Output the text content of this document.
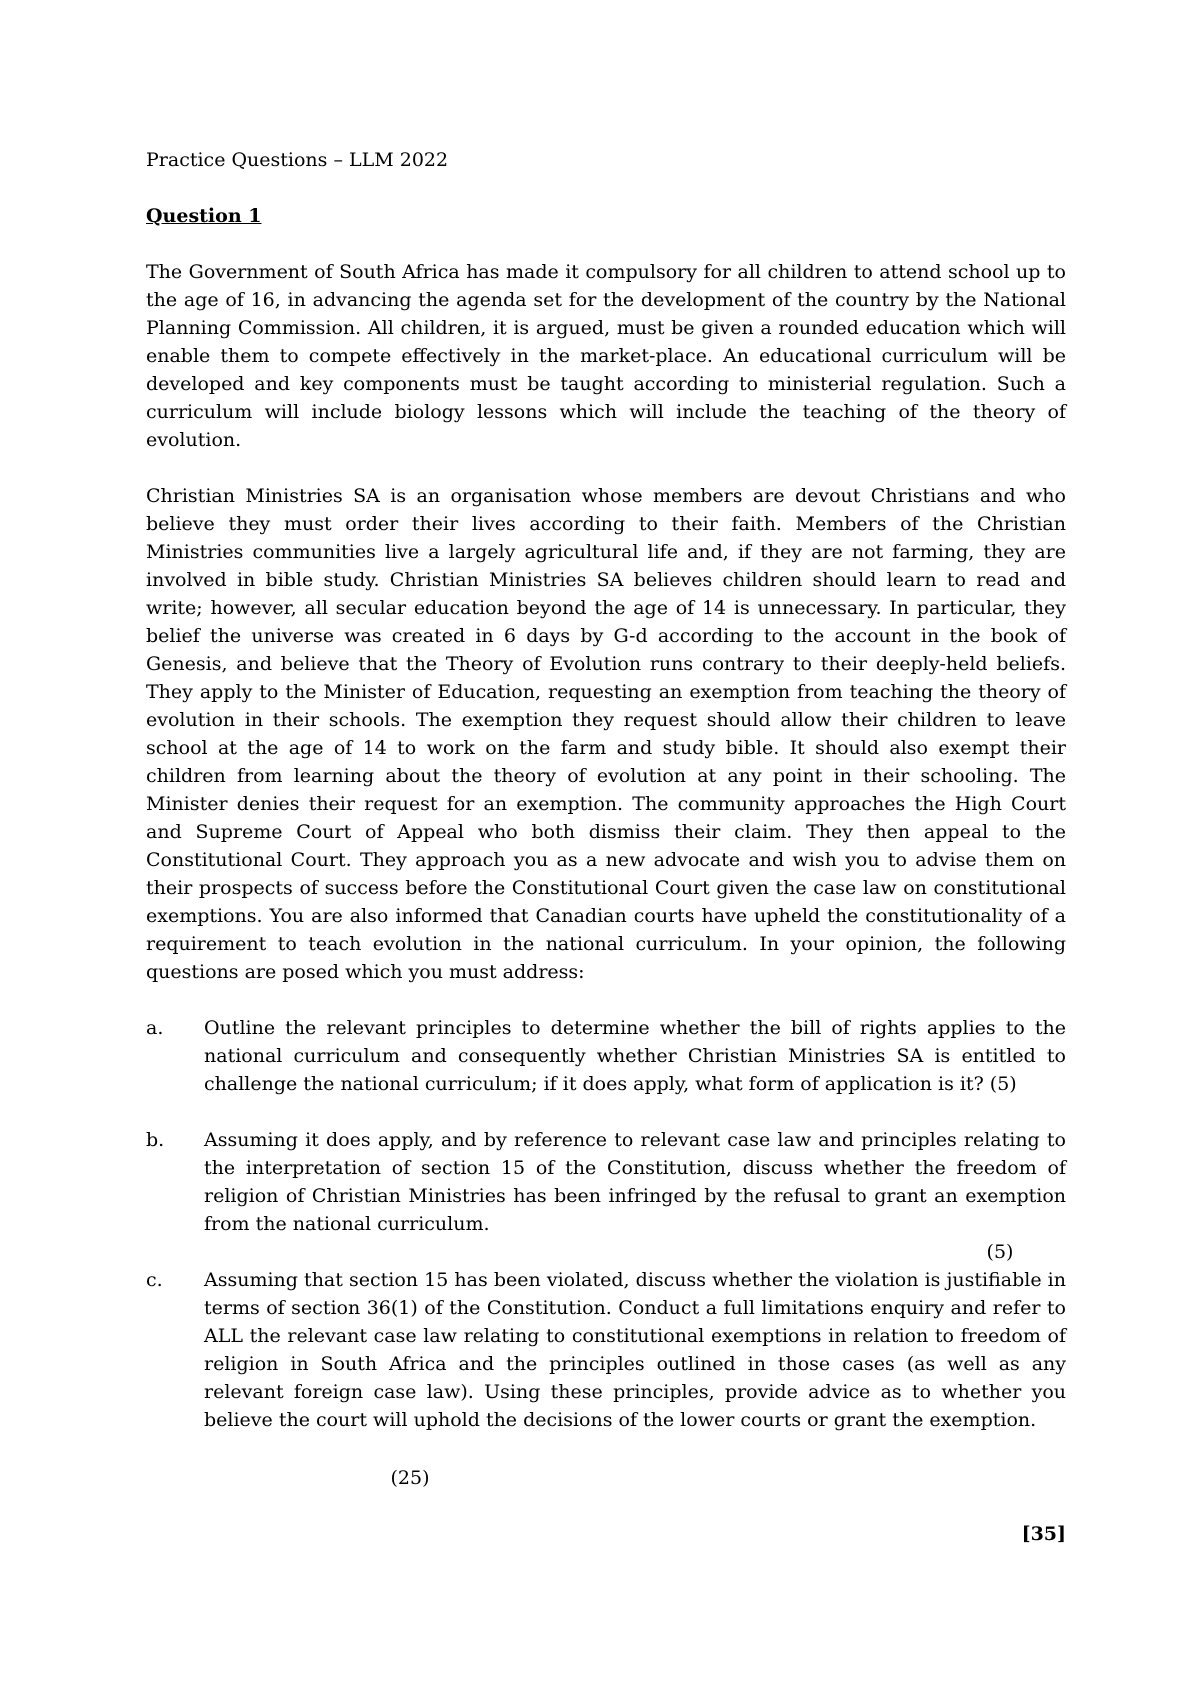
Practice Questions – LLM 2022

Question 1

The Government of South Africa has made it compulsory for all children to attend school up to the age of 16, in advancing the agenda set for the development of the country by the National Planning Commission. All children, it is argued, must be given a rounded education which will enable them to compete effectively in the market-place. An educational curriculum will be developed and key components must be taught according to ministerial regulation. Such a curriculum will include biology lessons which will include the teaching of the theory of evolution.

Christian Ministries SA is an organisation whose members are devout Christians and who believe they must order their lives according to their faith. Members of the Christian Ministries communities live a largely agricultural life and, if they are not farming, they are involved in bible study. Christian Ministries SA believes children should learn to read and write; however, all secular education beyond the age of 14 is unnecessary. In particular, they belief the universe was created in 6 days by G-d according to the account in the book of Genesis, and believe that the Theory of Evolution runs contrary to their deeply-held beliefs. They apply to the Minister of Education, requesting an exemption from teaching the theory of evolution in their schools. The exemption they request should allow their children to leave school at the age of 14 to work on the farm and study bible. It should also exempt their children from learning about the theory of evolution at any point in their schooling. The Minister denies their request for an exemption. The community approaches the High Court and Supreme Court of Appeal who both dismiss their claim. They then appeal to the Constitutional Court. They approach you as a new advocate and wish you to advise them on their prospects of success before the Constitutional Court given the case law on constitutional exemptions. You are also informed that Canadian courts have upheld the constitutionality of a requirement to teach evolution in the national curriculum. In your opinion, the following questions are posed which you must address:

a.	Outline the relevant principles to determine whether the bill of rights applies to the national curriculum and consequently whether Christian Ministries SA is entitled to challenge the national curriculum; if it does apply, what form of application is it? (5)

b.	Assuming it does apply, and by reference to relevant case law and principles relating to the interpretation of section 15 of the Constitution, discuss whether the freedom of religion of Christian Ministries has been infringed by the refusal to grant an exemption from the national curriculum.

(5)
c.	Assuming that section 15 has been violated, discuss whether the violation is justifiable in terms of section 36(1) of the Constitution. Conduct a full limitations enquiry and refer to ALL the relevant case law relating to constitutional exemptions in relation to freedom of religion in South Africa and the principles outlined in those cases (as well as any relevant foreign case law). Using these principles, provide advice as to whether you believe the court will uphold the decisions of the lower courts or grant the exemption.

(25)
[35]
